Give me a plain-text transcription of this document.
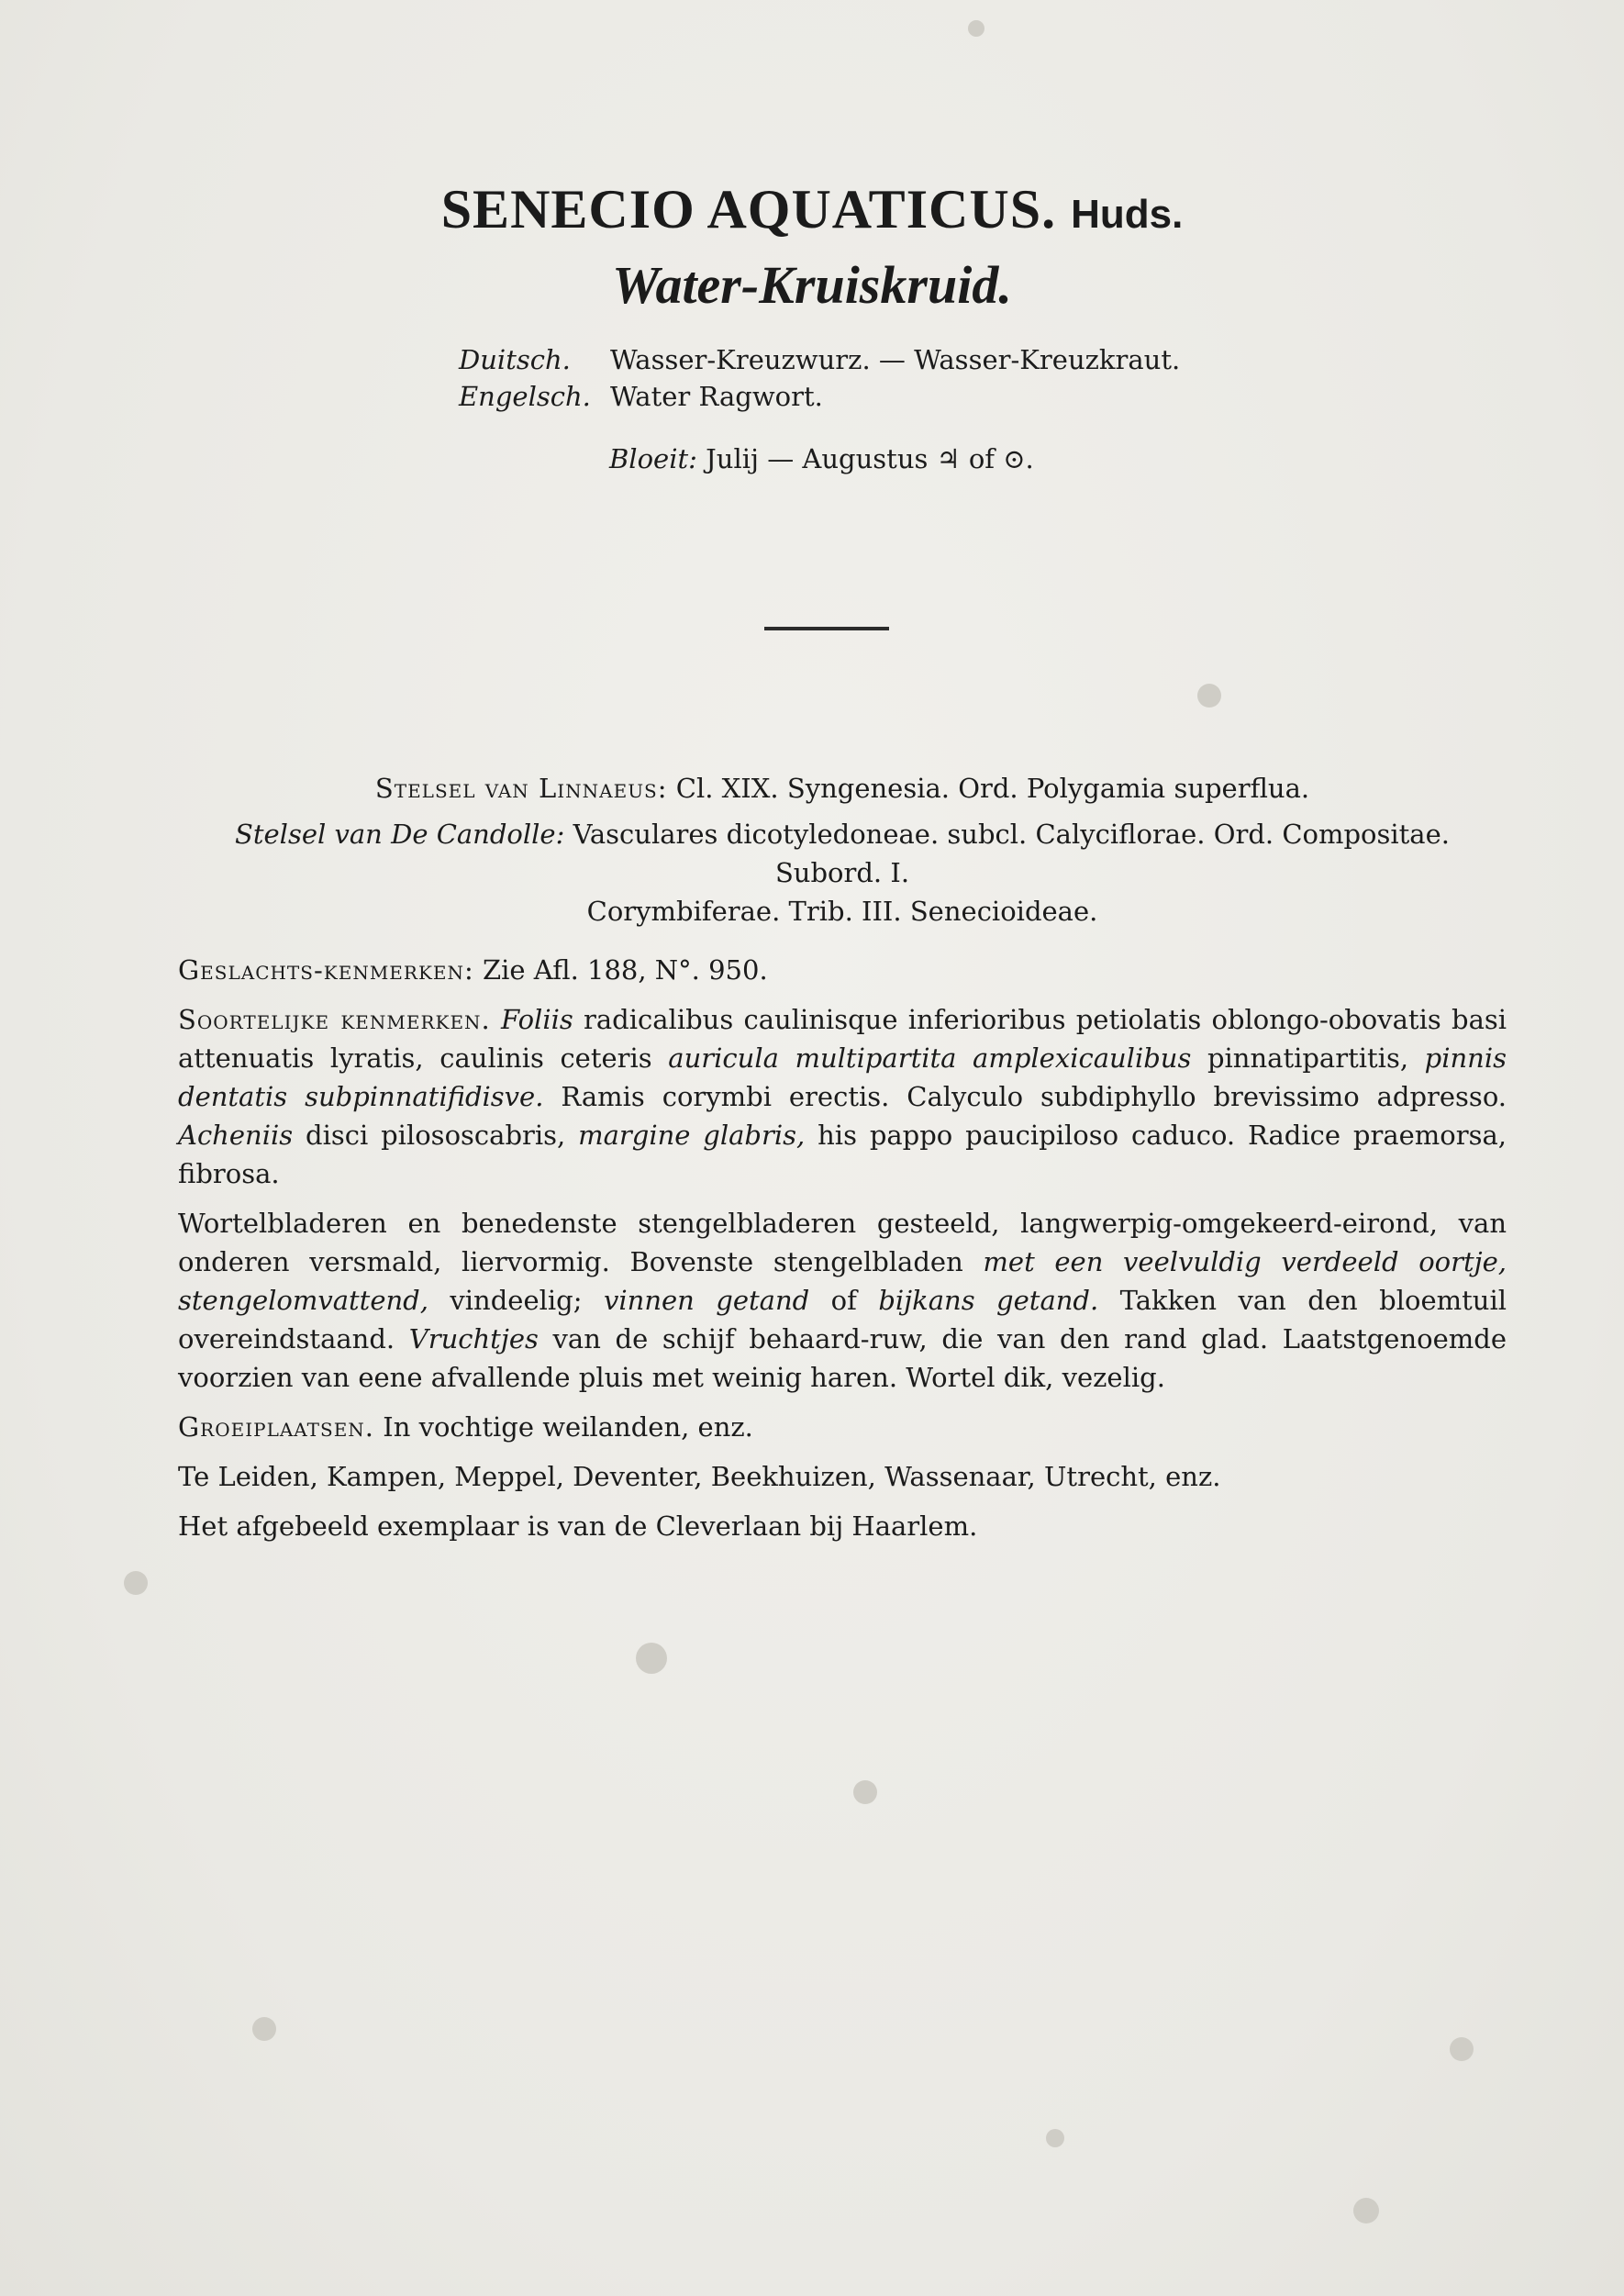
SENECIO AQUATICUS. Huds.
Water-Kruiskruid.
Duitsch.	Wasser-Kreuzwurz. — Wasser-Kreuzkraut.
Engelsch. Water Ragwort.
Bloeit: Julij — Augustus ♃ of ⊙.
Stelsel van Linnaeus: Cl. XIX. Syngenesia. Ord. Polygamia superflua.
Stelsel van De Candolle: Vasculares dicotyledoneae. subcl. Calyciflorae. Ord. Compositae. Subord. I.
Corymbiferae. Trib. III. Senecioideae.
Geslachts-kenmerken: Zie Afl. 188, N°. 950.
Soortelijke kenmerken. Foliis radicalibus caulinisque inferioribus petiolatis oblongo-obovatis basi attenuatis lyratis, caulinis ceteris auricula multipartita amplexicaulibus pinnatipartitis, pinnis dentatis subpinnatifidisve. Ramis corymbi erectis. Calyculo subdiphyllo brevissimo adpresso. Acheniis disci pilososcabris, margine glabris, his pappo paucipiloso caduco. Radice praemorsa, fibrosa.
Wortelbladeren en benedenste stengelbladeren gesteeld, langwerpig-omgekeerd-eirond, van onderen versmald, liervormig. Bovenste stengelbladen met een veelvuldig verdeeld oortje, stengelomvattend, vindeelig; vinnen getand of bijkans getand. Takken van den bloemtuil overeindstaand. Vruchtjes van de schijf behaard-ruw, die van den rand glad. Laatstgenoemde voorzien van eene afvallende pluis met weinig haren. Wortel dik, vezelig.
Groeiplaatsen. In vochtige weilanden, enz.
Te Leiden, Kampen, Meppel, Deventer, Beekhuizen, Wassenaar, Utrecht, enz.
Het afgebeeld exemplaar is van de Cleverlaan bij Haarlem.
